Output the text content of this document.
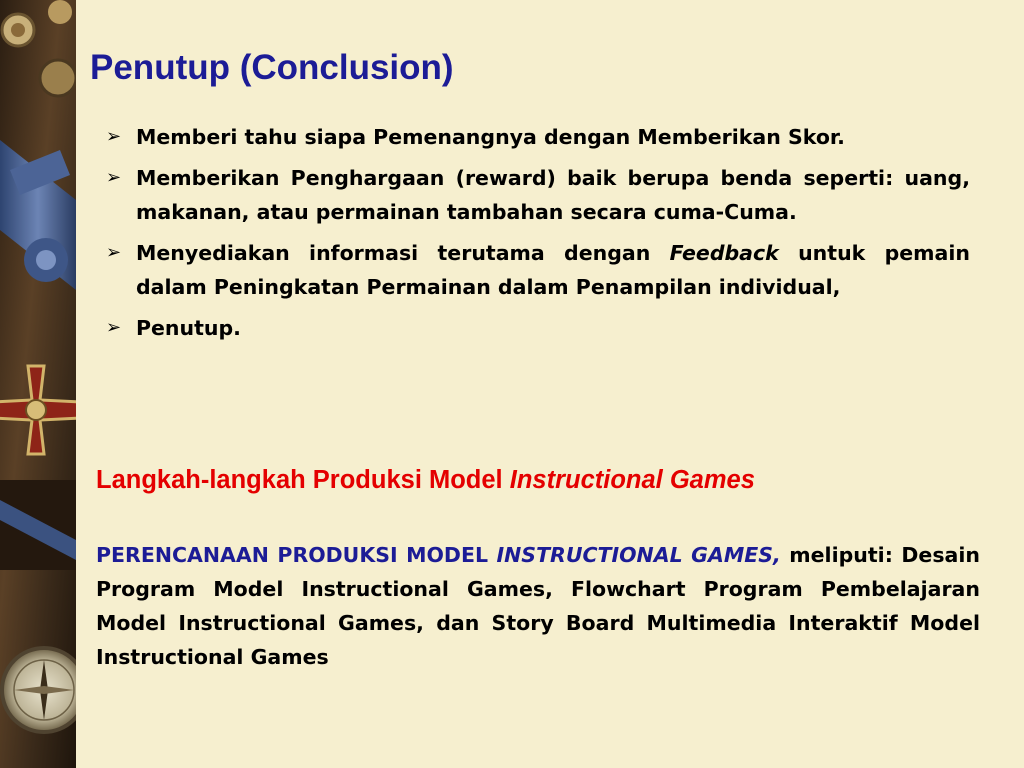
Penutup (Conclusion)
➢ Memberi tahu siapa Pemenangnya dengan Memberikan Skor.
➢ Memberikan Penghargaan (reward) baik berupa benda seperti: uang, makanan, atau permainan tambahan secara cuma-Cuma.
➢ Menyediakan informasi terutama dengan Feedback untuk pemain dalam Peningkatan Permainan dalam Penampilan individual,
➢ Penutup.
Langkah-langkah Produksi Model Instructional Games

PERENCANAAN PRODUKSI MODEL INSTRUCTIONAL GAMES, meliputi: Desain Program Model Instructional Games, Flowchart Program Pembelajaran Model Instructional Games, dan Story Board Multimedia Interaktif Model Instructional Games
